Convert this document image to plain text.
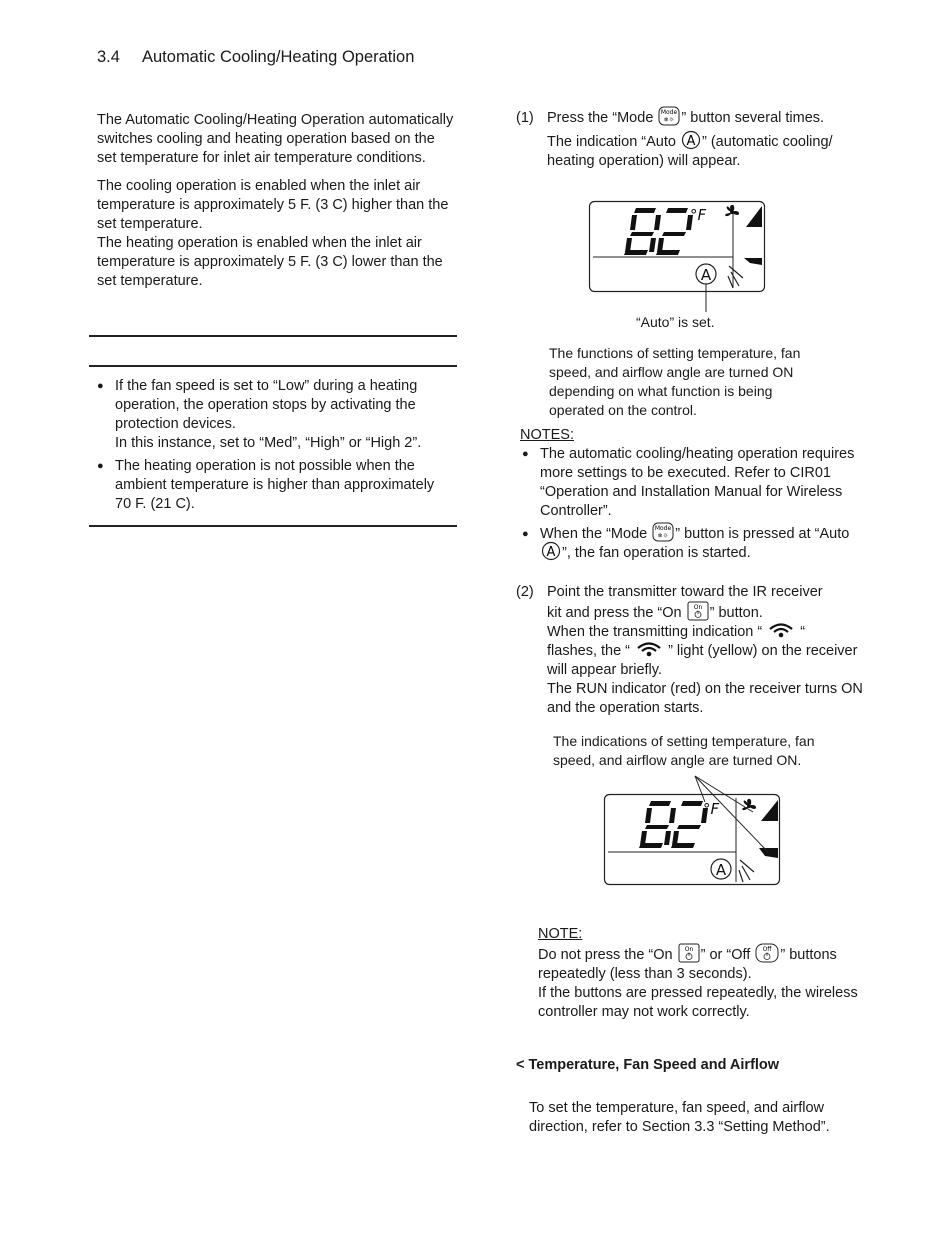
3.4 Automatic Cooling/Heating Operation

The Automatic Cooling/Heating Operation automatically switches cooling and heating operation based on the set temperature for inlet air temperature conditions.

The cooling operation is enabled when the inlet air temperature is approximately 5 F. (3 C) higher than the set temperature.

The heating operation is enabled when the inlet air temperature is approximately 5 F. (3 C) lower than the set temperature.

● If the fan speed is set to “Low” during a heating operation, the operation stops by activating the protection devices.
In this instance, set to “Med”, “High” or “High 2”.
● The heating operation is not possible when the ambient temperature is higher than approximately 70 F. (21 C).
(1) Press the “Mode Mode
❄☼ ” button several times.
The indication “Auto A ” (automatic cooling/ heating operation) will appear.
°F
A
“Auto” is set.
The functions of setting temperature, fan speed, and airflow angle are turned ON depending on what function is being operated on the control.
NOTES:
● The automatic cooling/heating operation requires more settings to be executed. Refer to CIR01 “Operation and Installation Manual for Wireless Controller”.
● When the “Mode Mode
❄☼ ” button is pressed at “Auto
A ”, the fan operation is started.
(2) Point the transmitter toward the IR receiver
kit and press the “On On ” button.
When the transmitting indication “  “
flashes, the “  ” light (yellow) on the receiver will appear briefly.
The RUN indicator (red) on the receiver turns ON and the operation starts.
The indications of setting temperature, fan speed, and airflow angle are turned ON.
°F
A
NOTE:
Do not press the “On On ” or “Off Off ” buttons repeatedly (less than 3 seconds).
If the buttons are pressed repeatedly, the wireless controller may not work correctly.
< Temperature, Fan Speed and Airflow
To set the temperature, fan speed, and airflow direction, refer to Section 3.3 “Setting Method”.
